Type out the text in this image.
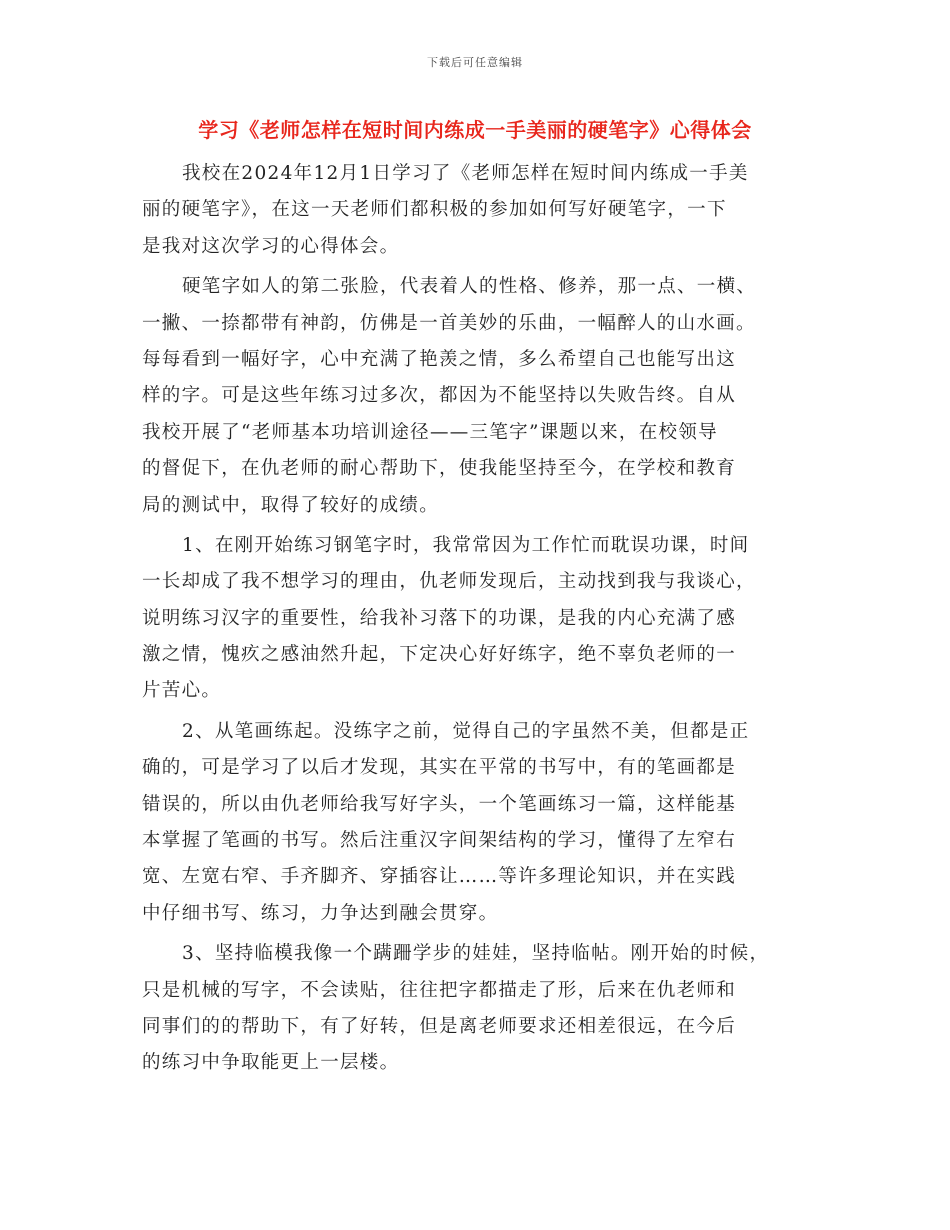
下载后可任意编辑
学习《老师怎样在短时间内练成一手美丽的硬笔字》心得体会
我校在2024年12月1日学习了《老师怎样在短时间内练成一手美
丽的硬笔字》，在这一天老师们都积极的参加如何写好硬笔字，一下
是我对这次学习的心得体会。
硬笔字如人的第二张脸，代表着人的性格、修养，那一点、一横、
一撇、一捺都带有神韵，仿佛是一首美妙的乐曲，一幅醉人的山水画。
每每看到一幅好字，心中充满了艳羡之情，多么希望自己也能写出这
样的字。可是这些年练习过多次，都因为不能坚持以失败告终。自从
我校开展了“老师基本功培训途径——三笔字”课题以来，在校领导
的督促下，在仇老师的耐心帮助下，使我能坚持至今，在学校和教育
局的测试中，取得了较好的成绩。
1、在刚开始练习钢笔字时，我常常因为工作忙而耽误功课，时间
一长却成了我不想学习的理由，仇老师发现后，主动找到我与我谈心，
说明练习汉字的重要性，给我补习落下的功课，是我的内心充满了感
激之情，愧疚之感油然升起，下定决心好好练字，绝不辜负老师的一
片苦心。
2、从笔画练起。没练字之前，觉得自己的字虽然不美，但都是正
确的，可是学习了以后才发现，其实在平常的书写中，有的笔画都是
错误的，所以由仇老师给我写好字头，一个笔画练习一篇，这样能基
本掌握了笔画的书写。然后注重汉字间架结构的学习，懂得了左窄右
宽、左宽右窄、手齐脚齐、穿插容让……等许多理论知识，并在实践
中仔细书写、练习，力争达到融会贯穿。
3、坚持临模我像一个蹒跚学步的娃娃，坚持临帖。刚开始的时候，
只是机械的写字，不会读贴，往往把字都描走了形，后来在仇老师和
同事们的的帮助下，有了好转，但是离老师要求还相差很远，在今后
的练习中争取能更上一层楼。
